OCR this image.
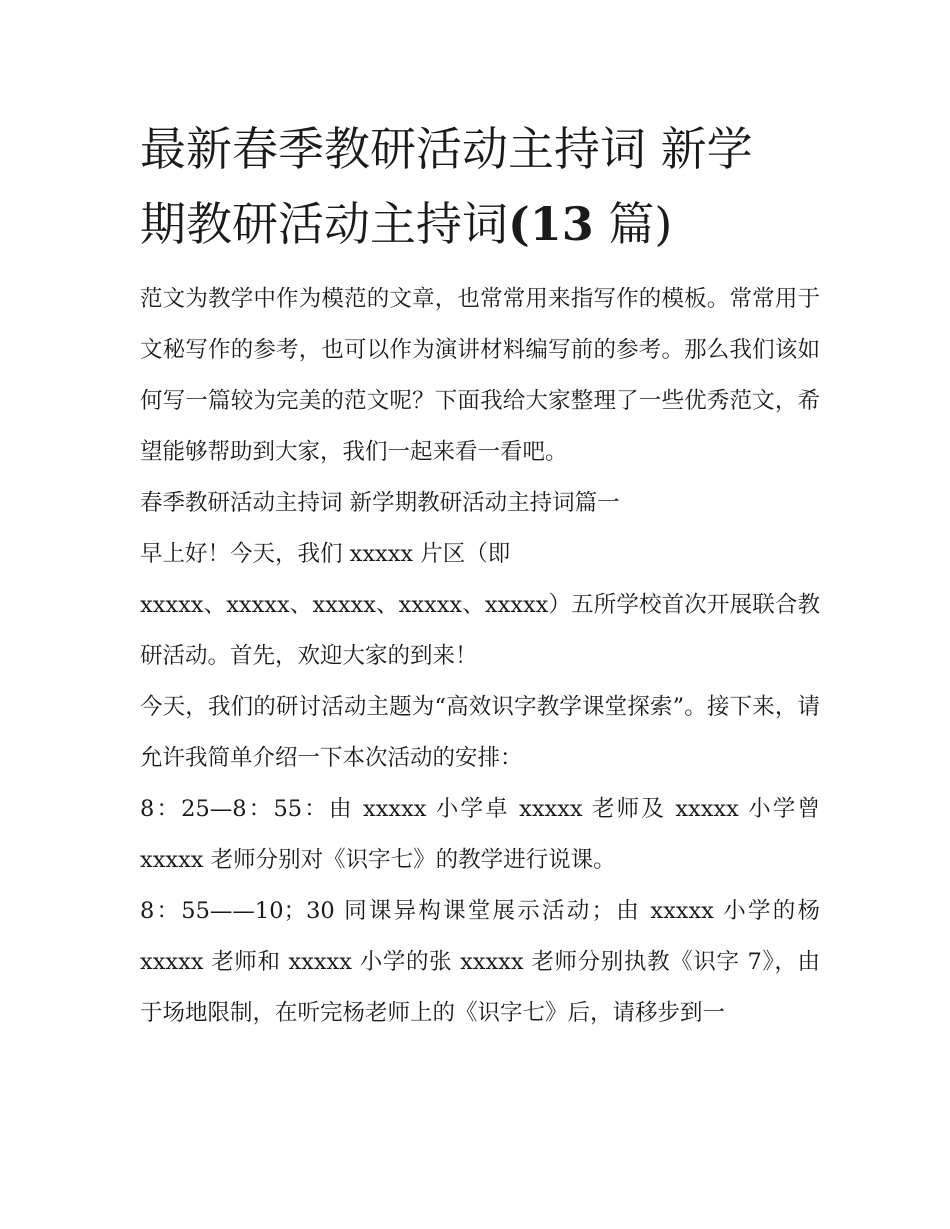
最新春季教研活动主持词 新学
期教研活动主持词(13 篇)

范文为教学中作为模范的文章，也常常用来指写作的模板。常常用于文秘写作的参考，也可以作为演讲材料编写前的参考。那么我们该如何写一篇较为完美的范文呢？下面我给大家整理了一些优秀范文，希望能够帮助到大家，我们一起来看一看吧。

春季教研活动主持词 新学期教研活动主持词篇一

早上好！今天，我们 xxxxx 片区（即

xxxxx、xxxxx、xxxxx、xxxxx、xxxxx）五所学校首次开展联合教研活动。首先，欢迎大家的到来！

今天，我们的研讨活动主题为“高效识字教学课堂探索”。接下来，请允许我简单介绍一下本次活动的安排：

8：25—8：55：由 xxxxx 小学卓 xxxxx 老师及 xxxxx 小学曾 xxxxx 老师分别对《识字七》的教学进行说课。

8：55——10；30 同课异构课堂展示活动；由 xxxxx 小学的杨 xxxxx 老师和 xxxxx 小学的张 xxxxx 老师分别执教《识字 7》，由于场地限制，在听完杨老师上的《识字七》后，请移步到一
